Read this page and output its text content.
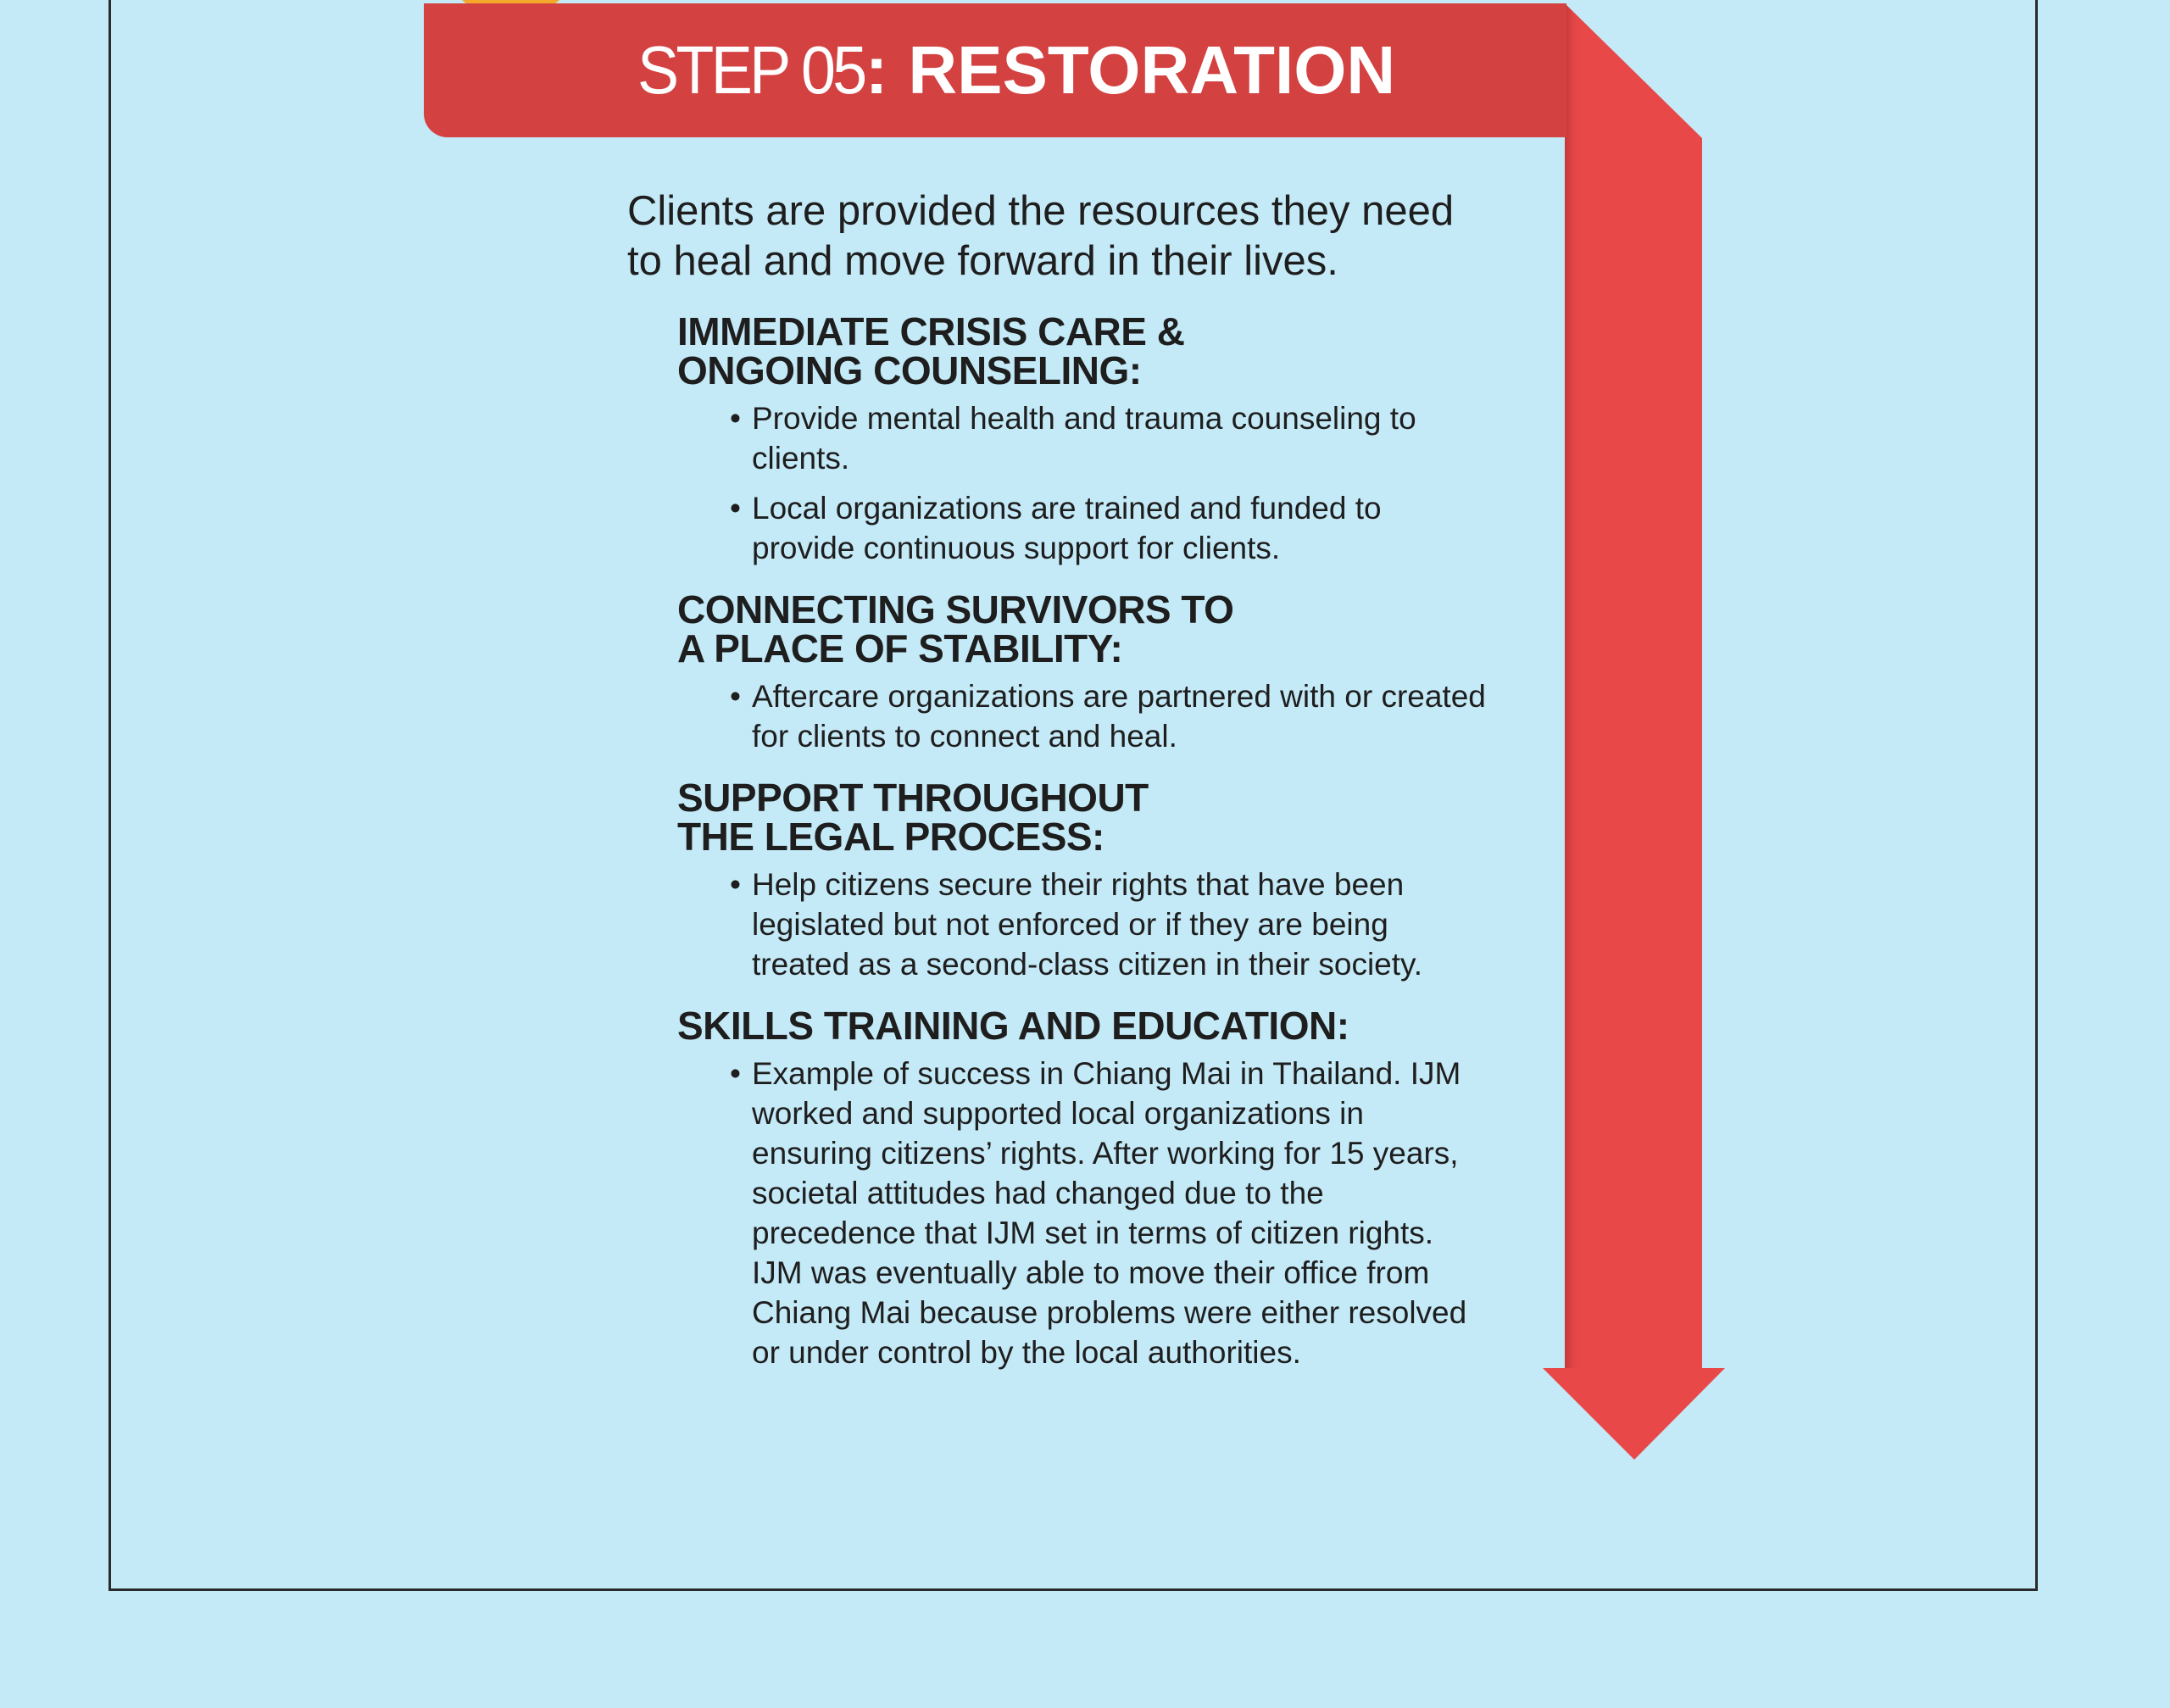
STEP 05 : RESTORATION

Clients are provided the resources they need to heal and move forward in their lives.

IMMEDIATE CRISIS CARE &
ONGOING COUNSELING:
• Provide mental health and trauma counseling to clients.
• Local organizations are trained and funded to provide continuous support for clients.
CONNECTING SURVIVORS TO
A PLACE OF STABILITY:
• Aftercare organizations are partnered with or created for clients to connect and heal.
SUPPORT THROUGHOUT
THE LEGAL PROCESS:
• Help citizens secure their rights that have been legislated but not enforced or if they are being treated as a second-class citizen in their society.
SKILLS TRAINING AND EDUCATION:
• Example of success in Chiang Mai in Thailand. IJM worked and supported local organizations in ensuring citizens’ rights. After working for 15 years, societal attitudes had changed due to the precedence that IJM set in terms of citizen rights. IJM was eventually able to move their office from Chiang Mai because problems were either resolved or under control by the local authorities.
